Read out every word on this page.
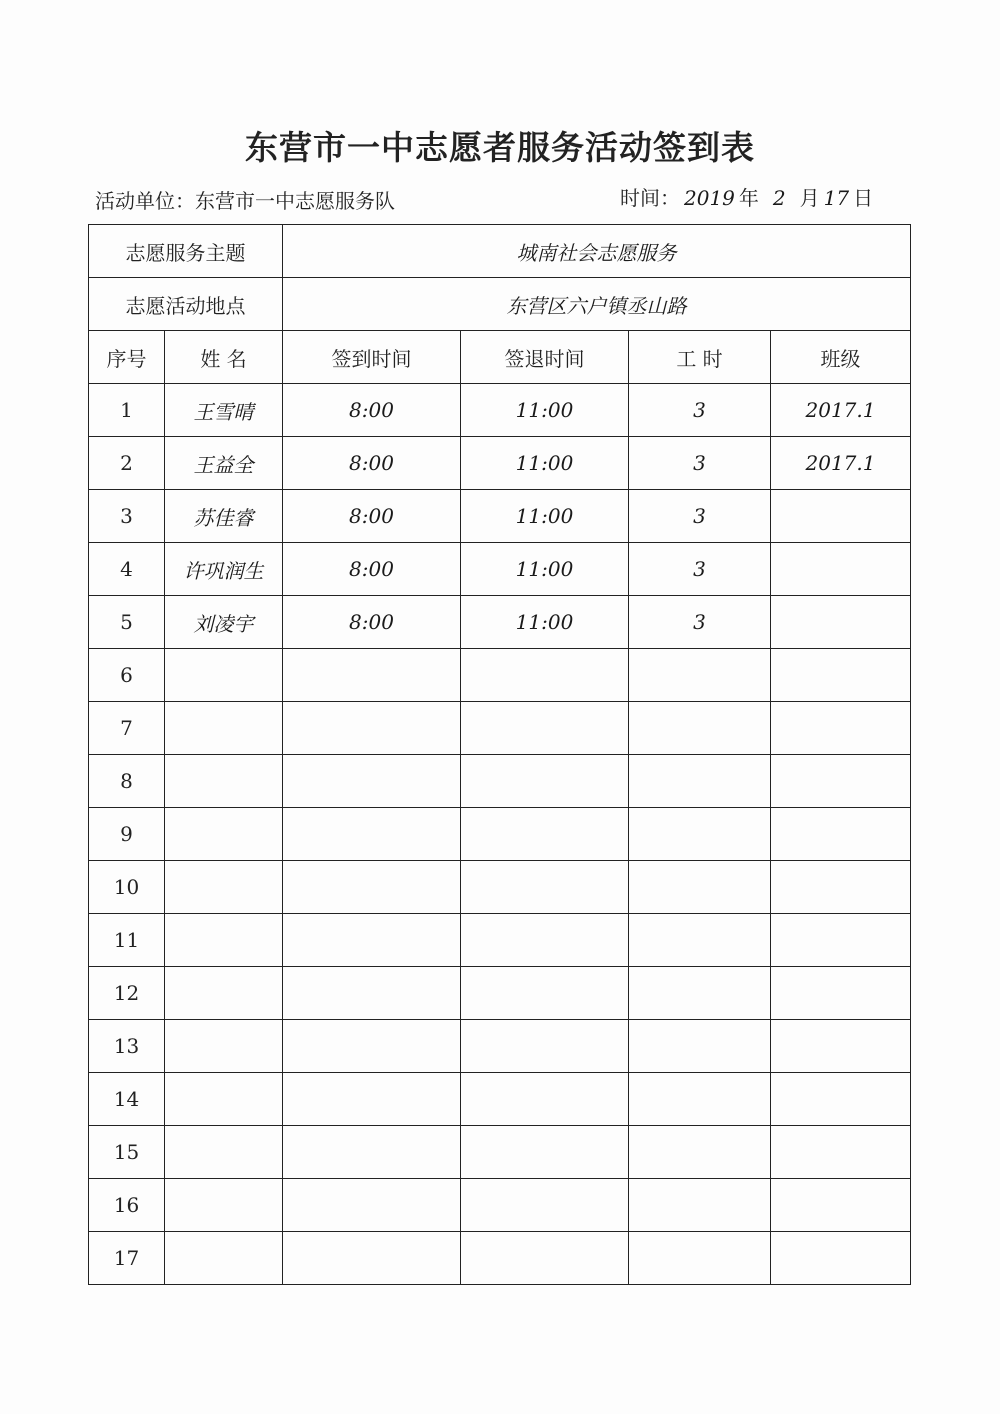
东营市一中志愿者服务活动签到表
活动单位：东营市一中志愿服务队	时间： 2019 年 2 月 17 日
志愿服务主题		城南社会志愿服务			
志愿活动地点		东营区六户镇丞山路			
序号	姓 名	签到时间	签退时间	工 时	班级
1	王雪晴	8:00	11:00	3	2017.1
2	王益全	8:00	11:00	3	2017.1
3	苏佳睿	8:00	11:00	3	
4	许巩润生	8:00	11:00	3	
5	刘凌宇	8:00	11:00	3	
6					
7					
8					
9					
10					
11					
12					
13					
14					
15					
16					
17					
